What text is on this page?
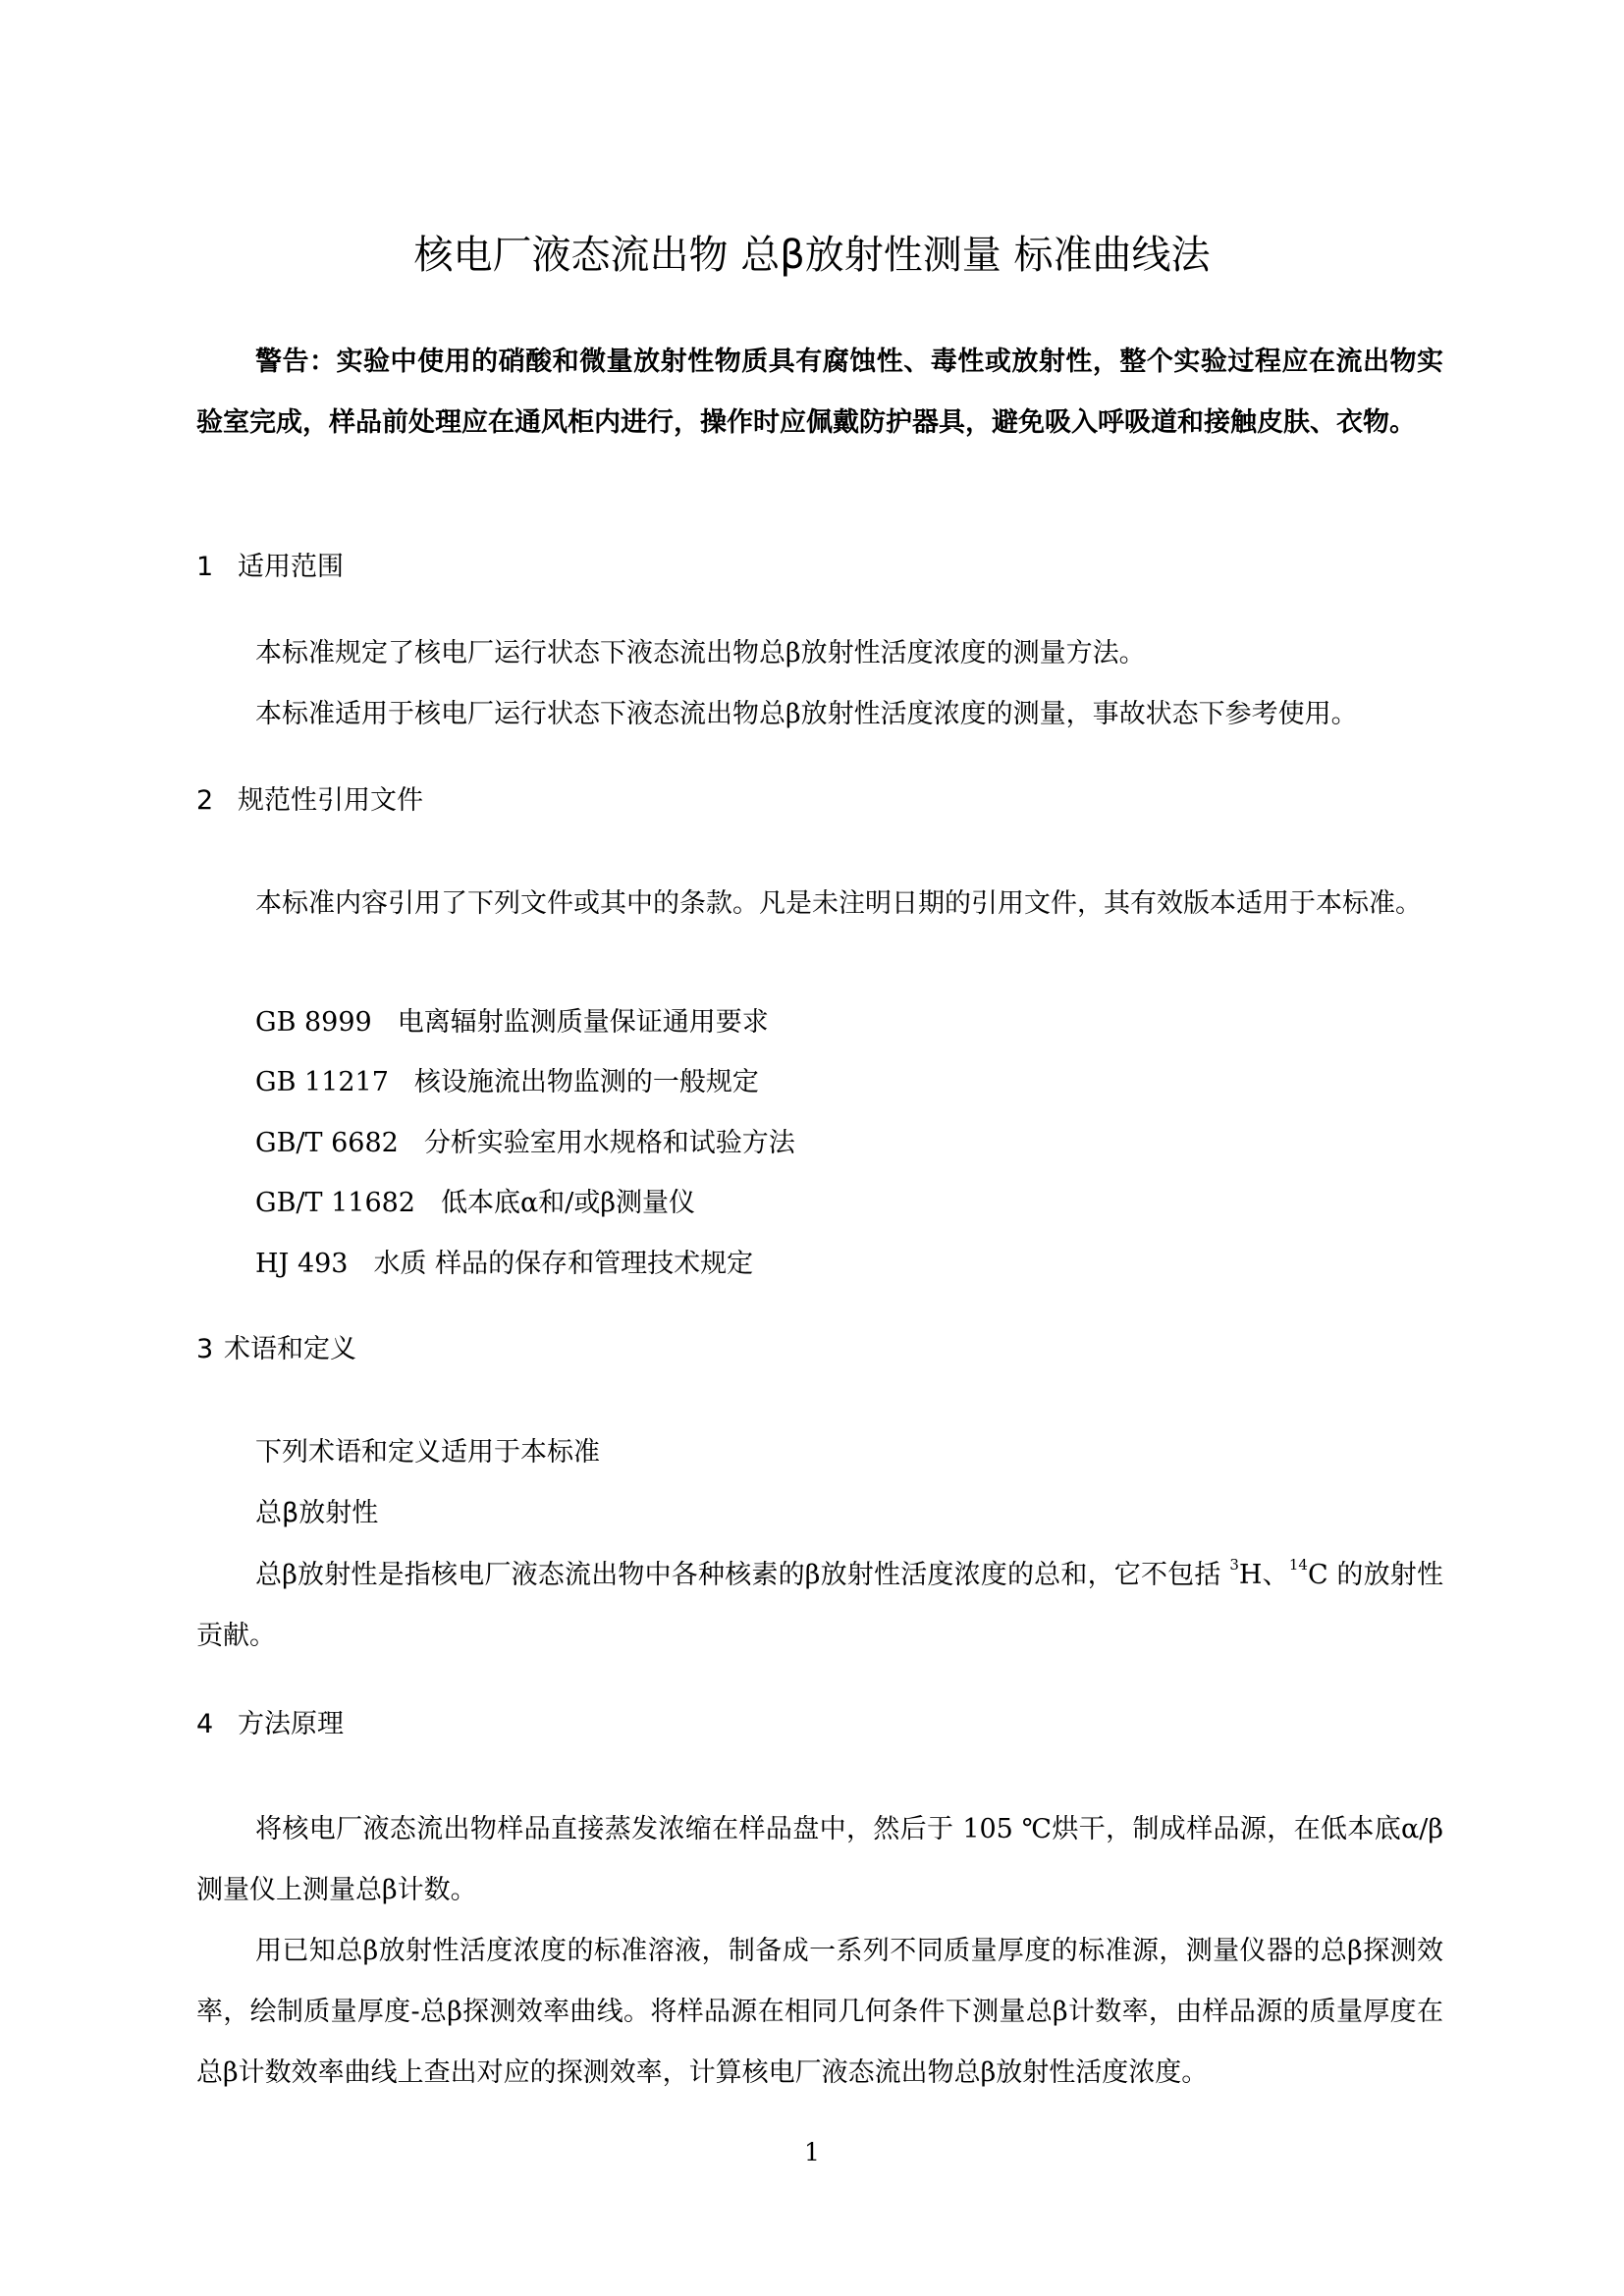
核电厂液态流出物 总β放射性测量 标准曲线法
警告：实验中使用的硝酸和微量放射性物质具有腐蚀性、毒性或放射性，整个实验过程应在流出物实验室完成，样品前处理应在通风柜内进行，操作时应佩戴防护器具，避免吸入呼吸道和接触皮肤、衣物。
1 适用范围
本标准规定了核电厂运行状态下液态流出物总β放射性活度浓度的测量方法。
本标准适用于核电厂运行状态下液态流出物总β放射性活度浓度的测量，事故状态下参考使用。
2 规范性引用文件
本标准内容引用了下列文件或其中的条款。凡是未注明日期的引用文件，其有效版本适用于本标准。
GB 8999 电离辐射监测质量保证通用要求
GB 11217 核设施流出物监测的一般规定
GB/T 6682 分析实验室用水规格和试验方法
GB/T 11682 低本底α和/或β测量仪
HJ 493 水质 样品的保存和管理技术规定
3 术语和定义
下列术语和定义适用于本标准
总β放射性
总β放射性是指核电厂液态流出物中各种核素的β放射性活度浓度的总和，它不包括 $^3$H、$^{14}$C 的放射性贡献。
4 方法原理
将核电厂液态流出物样品直接蒸发浓缩在样品盘中，然后于 105 ℃烘干，制成样品源，在低本底α/β测量仪上测量总β计数。
用已知总β放射性活度浓度的标准溶液，制备成一系列不同质量厚度的标准源，测量仪器的总β探测效率，绘制质量厚度-总β探测效率曲线。将样品源在相同几何条件下测量总β计数率，由样品源的质量厚度在总β计数效率曲线上查出对应的探测效率，计算核电厂液态流出物总β放射性活度浓度。
1
